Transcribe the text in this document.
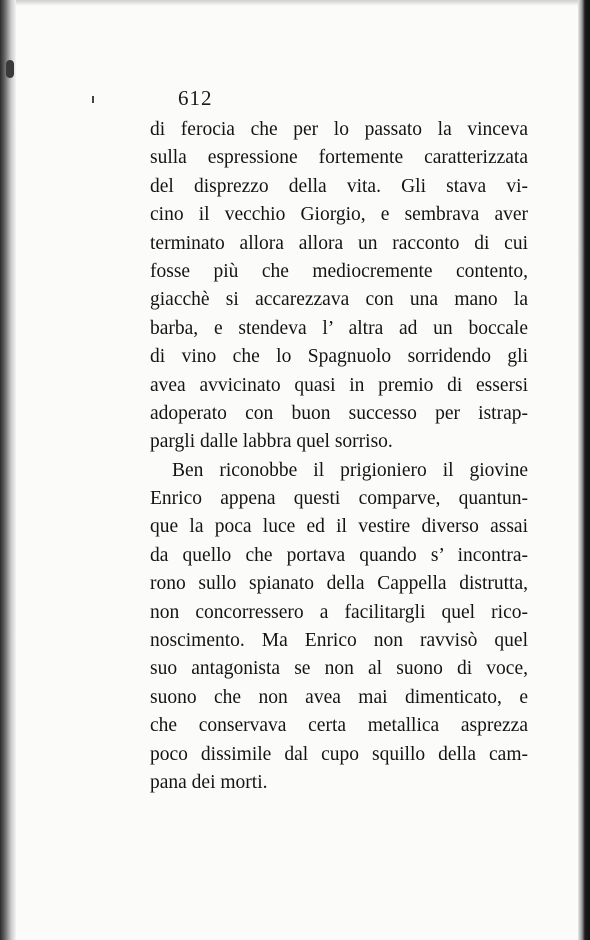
612
di ferocia che per lo passato la vinceva
sulla espressione fortemente caratterizzata
del disprezzo della vita. Gli stava vi-
cino il vecchio Giorgio, e sembrava aver
terminato allora allora un racconto di cui
fosse più che mediocremente contento,
giacchè si accarezzava con una mano la
barba, e stendeva l’ altra ad un boccale
di vino che lo Spagnuolo sorridendo gli
avea avvicinato quasi in premio di essersi
adoperato con buon successo per istrap-
pargli dalle labbra quel sorriso.
Ben riconobbe il prigioniero il giovine
Enrico appena questi comparve, quantun-
que la poca luce ed il vestire diverso assai
da quello che portava quando s’ incontra-
rono sullo spianato della Cappella distrutta,
non concorressero a facilitargli quel rico-
noscimento. Ma Enrico non ravvisò quel
suo antagonista se non al suono di voce,
suono che non avea mai dimenticato, e
che conservava certa metallica asprezza
poco dissimile dal cupo squillo della cam-
pana dei morti.
